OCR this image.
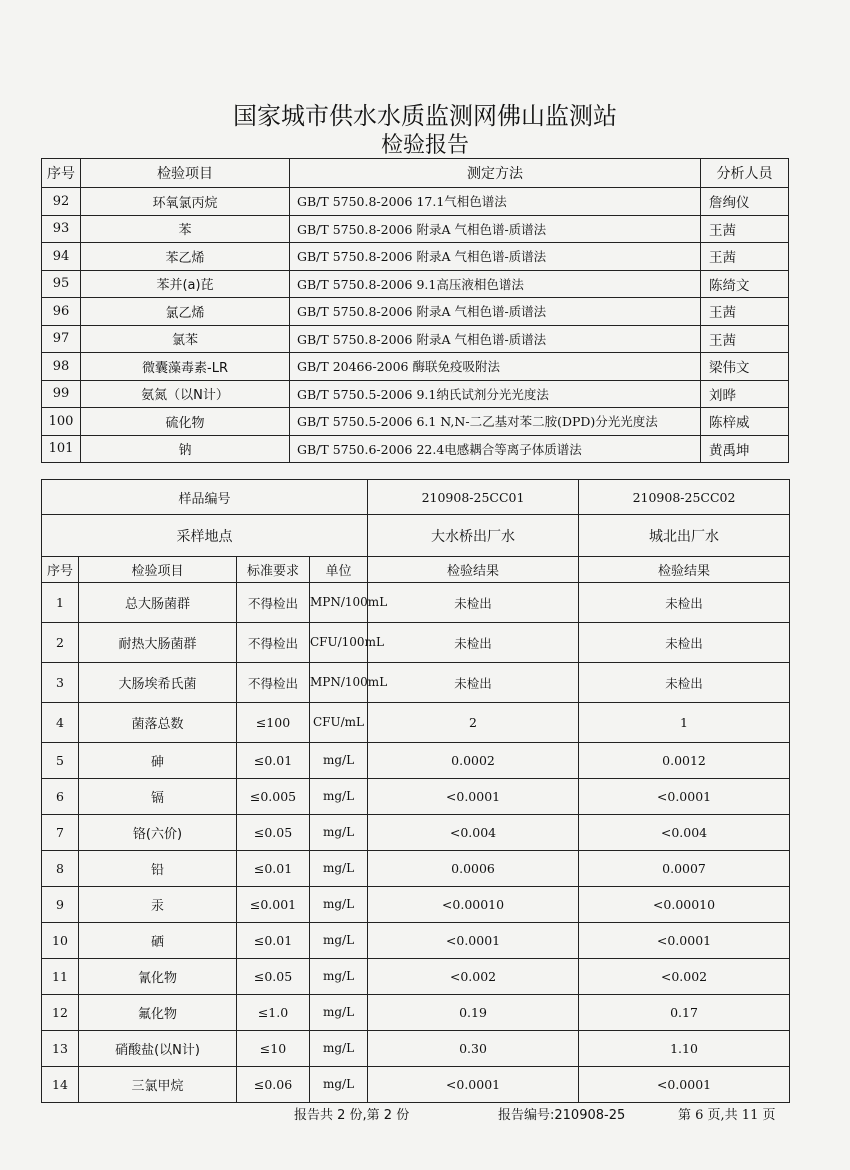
国家城市供水水质监测网佛山监测站
检验报告
序号	检验项目	测定方法	分析人员
92	环氧氯丙烷	GB/T 5750.8-2006 17.1气相色谱法	詹绚仪
93	苯	GB/T 5750.8-2006 附录A 气相色谱-质谱法	王茜
94	苯乙烯	GB/T 5750.8-2006 附录A 气相色谱-质谱法	王茜
95	苯并(a)芘	GB/T 5750.8-2006 9.1高压液相色谱法	陈绮文
96	氯乙烯	GB/T 5750.8-2006 附录A 气相色谱-质谱法	王茜
97	氯苯	GB/T 5750.8-2006 附录A 气相色谱-质谱法	王茜
98	微囊藻毒素-LR	GB/T 20466-2006 酶联免疫吸附法	梁伟文
99	氨氮（以N计）	GB/T 5750.5-2006 9.1纳氏试剂分光光度法	刘晔
100	硫化物	GB/T 5750.5-2006 6.1 N,N-二乙基对苯二胺(DPD)分光光度法	陈梓威
101	钠	GB/T 5750.6-2006 22.4电感耦合等离子体质谱法	黄禹坤
样品编号				210908-25CC01	210908-25CC02
采样地点				大水桥出厂水	城北出厂水
序号	检验项目	标准要求	单位	检验结果	检验结果
1	总大肠菌群	不得检出	MPN/100mL	未检出	未检出
2	耐热大肠菌群	不得检出	CFU/100mL	未检出	未检出
3	大肠埃希氏菌	不得检出	MPN/100mL	未检出	未检出
4	菌落总数	≤100	CFU/mL	2	1
5	砷	≤0.01	mg/L	0.0002	0.0012
6	镉	≤0.005	mg/L	<0.0001	<0.0001
7	铬(六价)	≤0.05	mg/L	<0.004	<0.004
8	铅	≤0.01	mg/L	0.0006	0.0007
9	汞	≤0.001	mg/L	<0.00010	<0.00010
10	硒	≤0.01	mg/L	<0.0001	<0.0001
11	氰化物	≤0.05	mg/L	<0.002	<0.002
12	氟化物	≤1.0	mg/L	0.19	0.17
13	硝酸盐(以N计)	≤10	mg/L	0.30	1.10
14	三氯甲烷	≤0.06	mg/L	<0.0001	<0.0001
报告共 2 份,第 2 份	报告编号:210908-25	第 6 页,共 11 页
